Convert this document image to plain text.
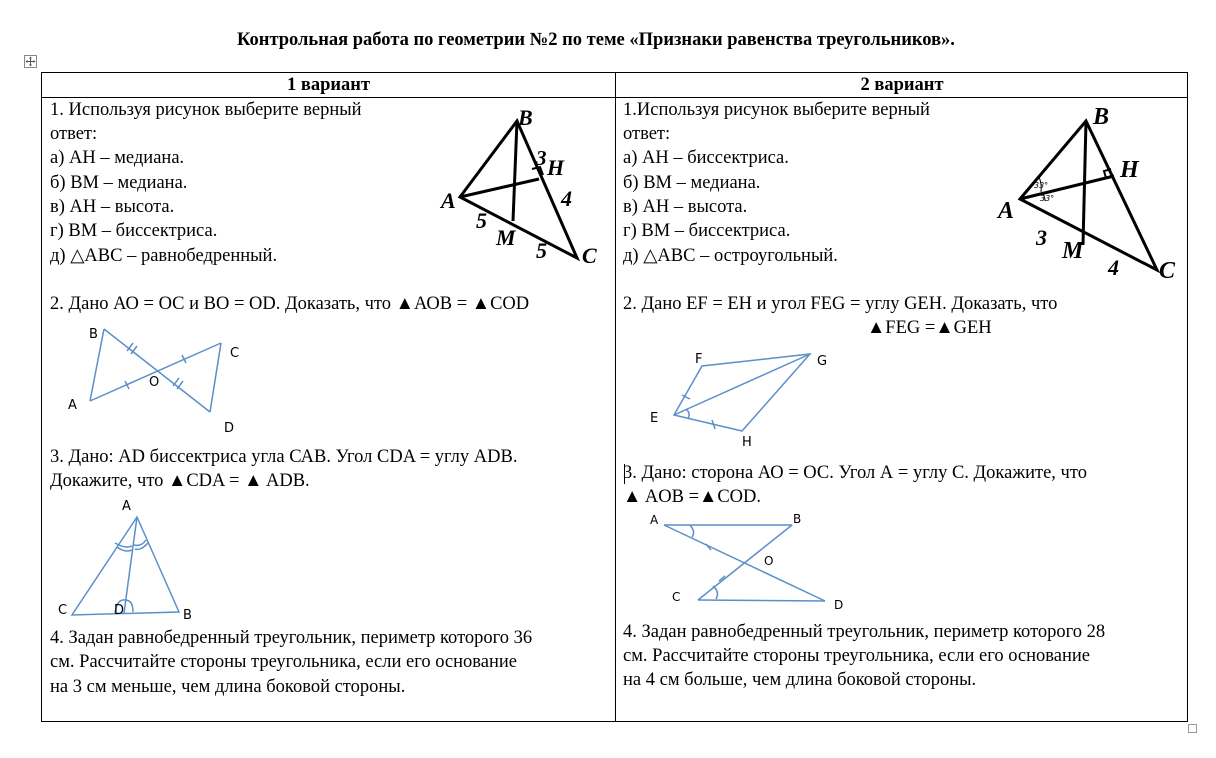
Контрольная работа по геометрии №2 по теме «Признаки равенства треугольников».
1 вариант	2 вариант
1. Используя рисунок выберите верный
ответ:
а) АН – медиана.
б) ВМ – медиана.
в) АН – высота.
г) ВМ – биссектриса.
д) △АВС – равнобедренный.
B
3 H
A	4
5
M
5 C
2. Дано АО = ОС и ВО = OD. Доказать, что ▲АОВ = ▲COD
B
C
O
A
D
3. Дано: AD биссектриса угла САВ. Угол CDA = углу ADB.
Докажите, что ▲CDA = ▲ ADB.
A
C	D	B
4. Задан равнобедренный треугольник, периметр которого 36
см. Рассчитайте стороны треугольника, если его основание
на 3 см меньше, чем длина боковой стороны.
1.Используя рисунок выберите верный
ответ:
а) АН – биссектриса.
б) ВМ – медиана.
в) АН – высота.
г) ВМ – биссектриса.
д) △АВС – остроугольный.
B
H
A
3
M
4 C
33°
33°
2. Дано EF = EH и угол FEG = углу GEH. Доказать, что
▲FEG =▲GEH
F	G
E
H
3. Дано: сторона АО = ОС. Угол А = углу С. Докажите, что
▲ AOB =▲COD.
A	B
O
C
D
4. Задан равнобедренный треугольник, периметр которого 28
см. Рассчитайте стороны треугольника, если его основание
на 4 см больше, чем длина боковой стороны.
